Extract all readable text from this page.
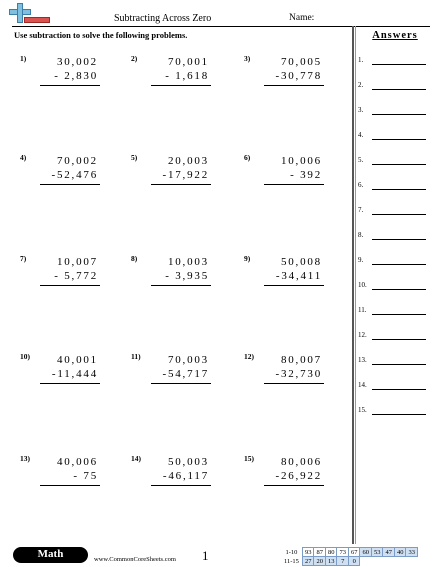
Subtracting Across Zero	Name:
Use subtraction to solve the following problems.	Answers
1.
2.
3.
4.
5.
6.
7.
8.
9.
10.
11.
12.
13.
14.
15.
1)	30,002
- 2,830
2)	70,001
- 1,618
3)	70,005
-30,778
4)	70,002
-52,476
5)	20,003
-17,922
6)	10,006
- 392
7)	10,007
- 5,772
8)	10,003
- 3,935
9)	50,008
-34,411
10) 40,001
-11,444
11) 70,003
-54,717
12) 80,007
-32,730
13) 40,006
- 75
14) 50,003
-46,117
15) 80,006
-26,922
Math	www.CommonCoreSheets.com 1	1-10	93	87	80	73	67	60	53	47	40	33
11-15	27	20	13	7	0					
